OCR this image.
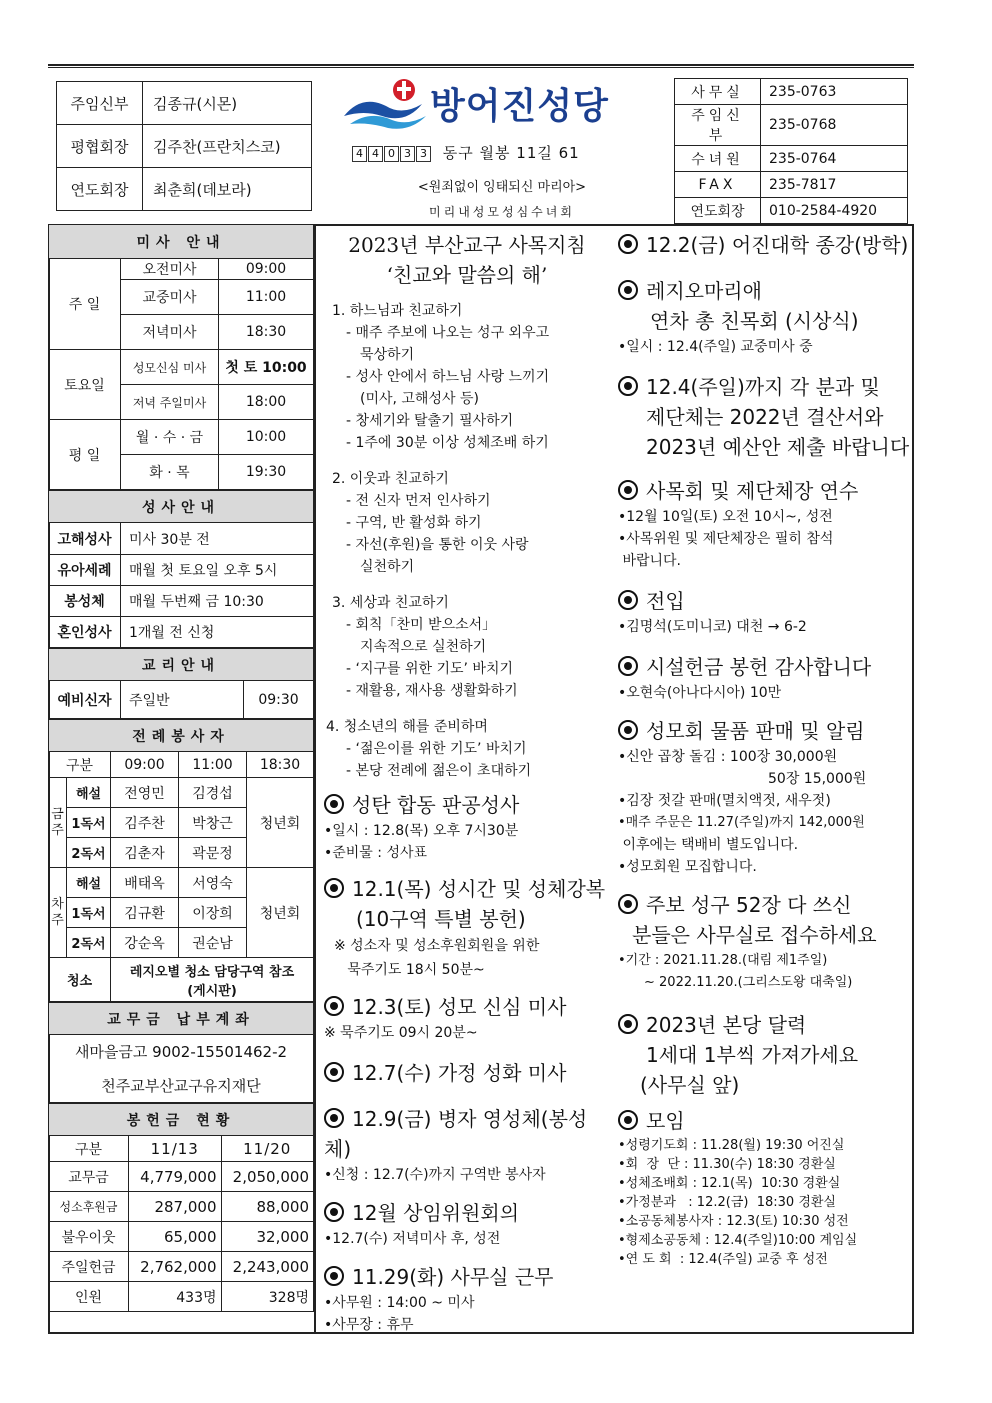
주임신부	김종규(시몬)
평협회장	김주찬(프란치스코)
연도회장	최춘희(데보라)
방어진성당
4 4 0 3 3 동구 월봉 11길 61
<원죄없이 잉태되신 마리아>
미리내성모성심수녀회
사무실	235-0763
주임신부	235-0768
수녀원	235-0764
FAX	235-7817
연도회장	010-2584-4920
미사 안내		
주 일	오전미사	09:00
	교중미사	11:00
	저녁미사	18:30
토요일	성모신심 미사	첫 토 10:00
	저녁 주일미사	18:00
평 일	월 · 수 · 금	10:00
	화 · 목	19:30
성사안내	
고해성사	미사 30분 전
유아세례	매월 첫 토요일 오후 5시
봉성체	매월 두번째 금 10:30
혼인성사	1개월 전 신청
교리안내
예비신자	주일반	09:30
전례봉사자				
구분		09:00	11:00	18:30
금주	해설	전영민	김경섭	청년회
	1독서	김주찬	박창근	
	2독서	김춘자	곽문정	
차주	해설	배태옥	서영숙	청년회
	1독서	김규환	이장희	
	2독서	강순옥	권순남	
청소		레지오별 청소 담당구역 참조 (게시판)		
교무금 납부계좌
새마을금고 9002-15501462-2
천주교부산교구유지재단
봉헌금 현황		
구분	11/13	11/20
교무금	4,779,000	2,050,000
성소후원금	287,000	88,000
불우이웃	65,000	32,000
주일헌금	2,762,000	2,243,000
인원	433명	328명
2023년 부산교구 사목지침
‘친교와 말씀의 해’
1. 하느님과 친교하기
- 매주 주보에 나오는 성구 외우고
묵상하기
- 성사 안에서 하느님 사랑 느끼기
(미사, 고해성사 등)
- 창세기와 탈출기 필사하기
- 1주에 30분 이상 성체조배 하기
2. 이웃과 친교하기
- 전 신자 먼저 인사하기
- 구역, 반 활성화 하기
- 자선(후원)을 통한 이웃 사랑
실천하기
3. 세상과 친교하기
- 회칙「찬미 받으소서」
지속적으로 실천하기
- ‘지구를 위한 기도’ 바치기
- 재활용, 재사용 생활화하기
4. 청소년의 해를 준비하며
- ‘젊은이를 위한 기도’ 바치기
- 본당 전례에 젊은이 초대하기
성탄 합동 판공성사
•일시 : 12.8(목) 오후 7시30분
•준비물 : 성사표
12.1(목) 성시간 및 성체강복
(10구역 특별 봉헌)
※ 성소자 및 성소후원회원을 위한
묵주기도 18시 50분~
12.3(토) 성모 신심 미사
※ 묵주기도 09시 20분~
12.7(수) 가정 성화 미사
12.9(금) 병자 영성체(봉성체)
•신청 : 12.7(수)까지 구역반 봉사자
12월 상임위원회의
•12.7(수) 저녁미사 후, 성전
11.29(화) 사무실 근무
•사무원 : 14:00 ~ 미사
•사무장 : 휴무
12.2(금) 어진대학 종강(방학)
레지오마리애
연차 총 친목회 (시상식)
•일시 : 12.4(주일) 교중미사 중
12.4(주일)까지 각 분과 및
제단체는 2022년 결산서와
2023년 예산안 제출 바랍니다
사목회 및 제단체장 연수
•12월 10일(토) 오전 10시~, 성전
•사목위원 및 제단체장은 필히 참석
바랍니다.
전입
•김명석(도미니코) 대천 → 6-2
시설헌금 봉헌 감사합니다
•오현숙(아나다시아) 10만
성모회 물품 판매 및 알림
•신안 곱창 돌김 : 100장 30,000원
50장 15,000원
•김장 젓갈 판매(멸치액젓, 새우젓)
•매주 주문은 11.27(주일)까지 142,000원
이후에는 택배비 별도입니다.
•성모회원 모집합니다.
주보 성구 52장 다 쓰신
분들은 사무실로 접수하세요
•기간 : 2021.11.28.(대림 제1주일)
~ 2022.11.20.(그리스도왕 대축일)
2023년 본당 달력
1세대 1부씩 가져가세요
(사무실 앞)
모임
•성령기도회 : 11.28(월) 19:30 어진실
•회  장  단 : 11.30(수) 18:30 경환실
•성체조배회 : 12.1(목)  10:30 경환실
•가정분과   : 12.2(금)  18:30 경환실
•소공동체봉사자 : 12.3(토) 10:30 성전
•형제소공동체 : 12.4(주일)10:00 계임실
•연 도 회  : 12.4(주일) 교중 후 성전
